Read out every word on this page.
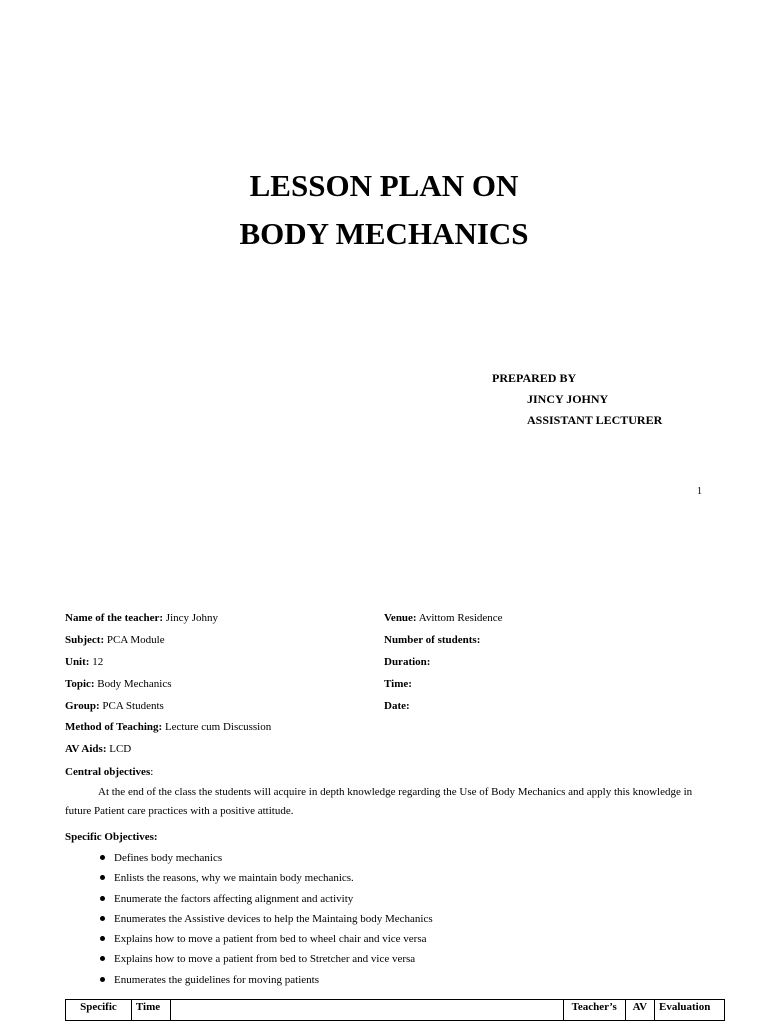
LESSON PLAN ON
BODY MECHANICS
PREPARED BY
JINCY JOHNY
ASSISTANT LECTURER
1
Name of the teacher: Jincy Johny
Subject: PCA Module
Unit: 12
Topic: Body Mechanics
Group: PCA Students
Method of Teaching: Lecture cum Discussion
AV Aids: LCD
Venue: Avittom Residence
Number of students:
Duration:
Time:
Date:
Central objectives:
At the end of the class the students will acquire in depth knowledge regarding the Use of Body Mechanics and apply this knowledge in future Patient care practices with a positive attitude.
Specific Objectives:
Defines body mechanics
Enlists the reasons, why we maintain body mechanics.
Enumerate the factors affecting alignment and activity
Enumerates the Assistive devices to help the Maintaing body Mechanics
Explains how to move a patient from bed to wheel chair and vice versa
Explains how to move a patient from bed to Stretcher and vice versa
Enumerates the guidelines for moving patients
Specific	Time		Teacher’s	AV	Evaluation
